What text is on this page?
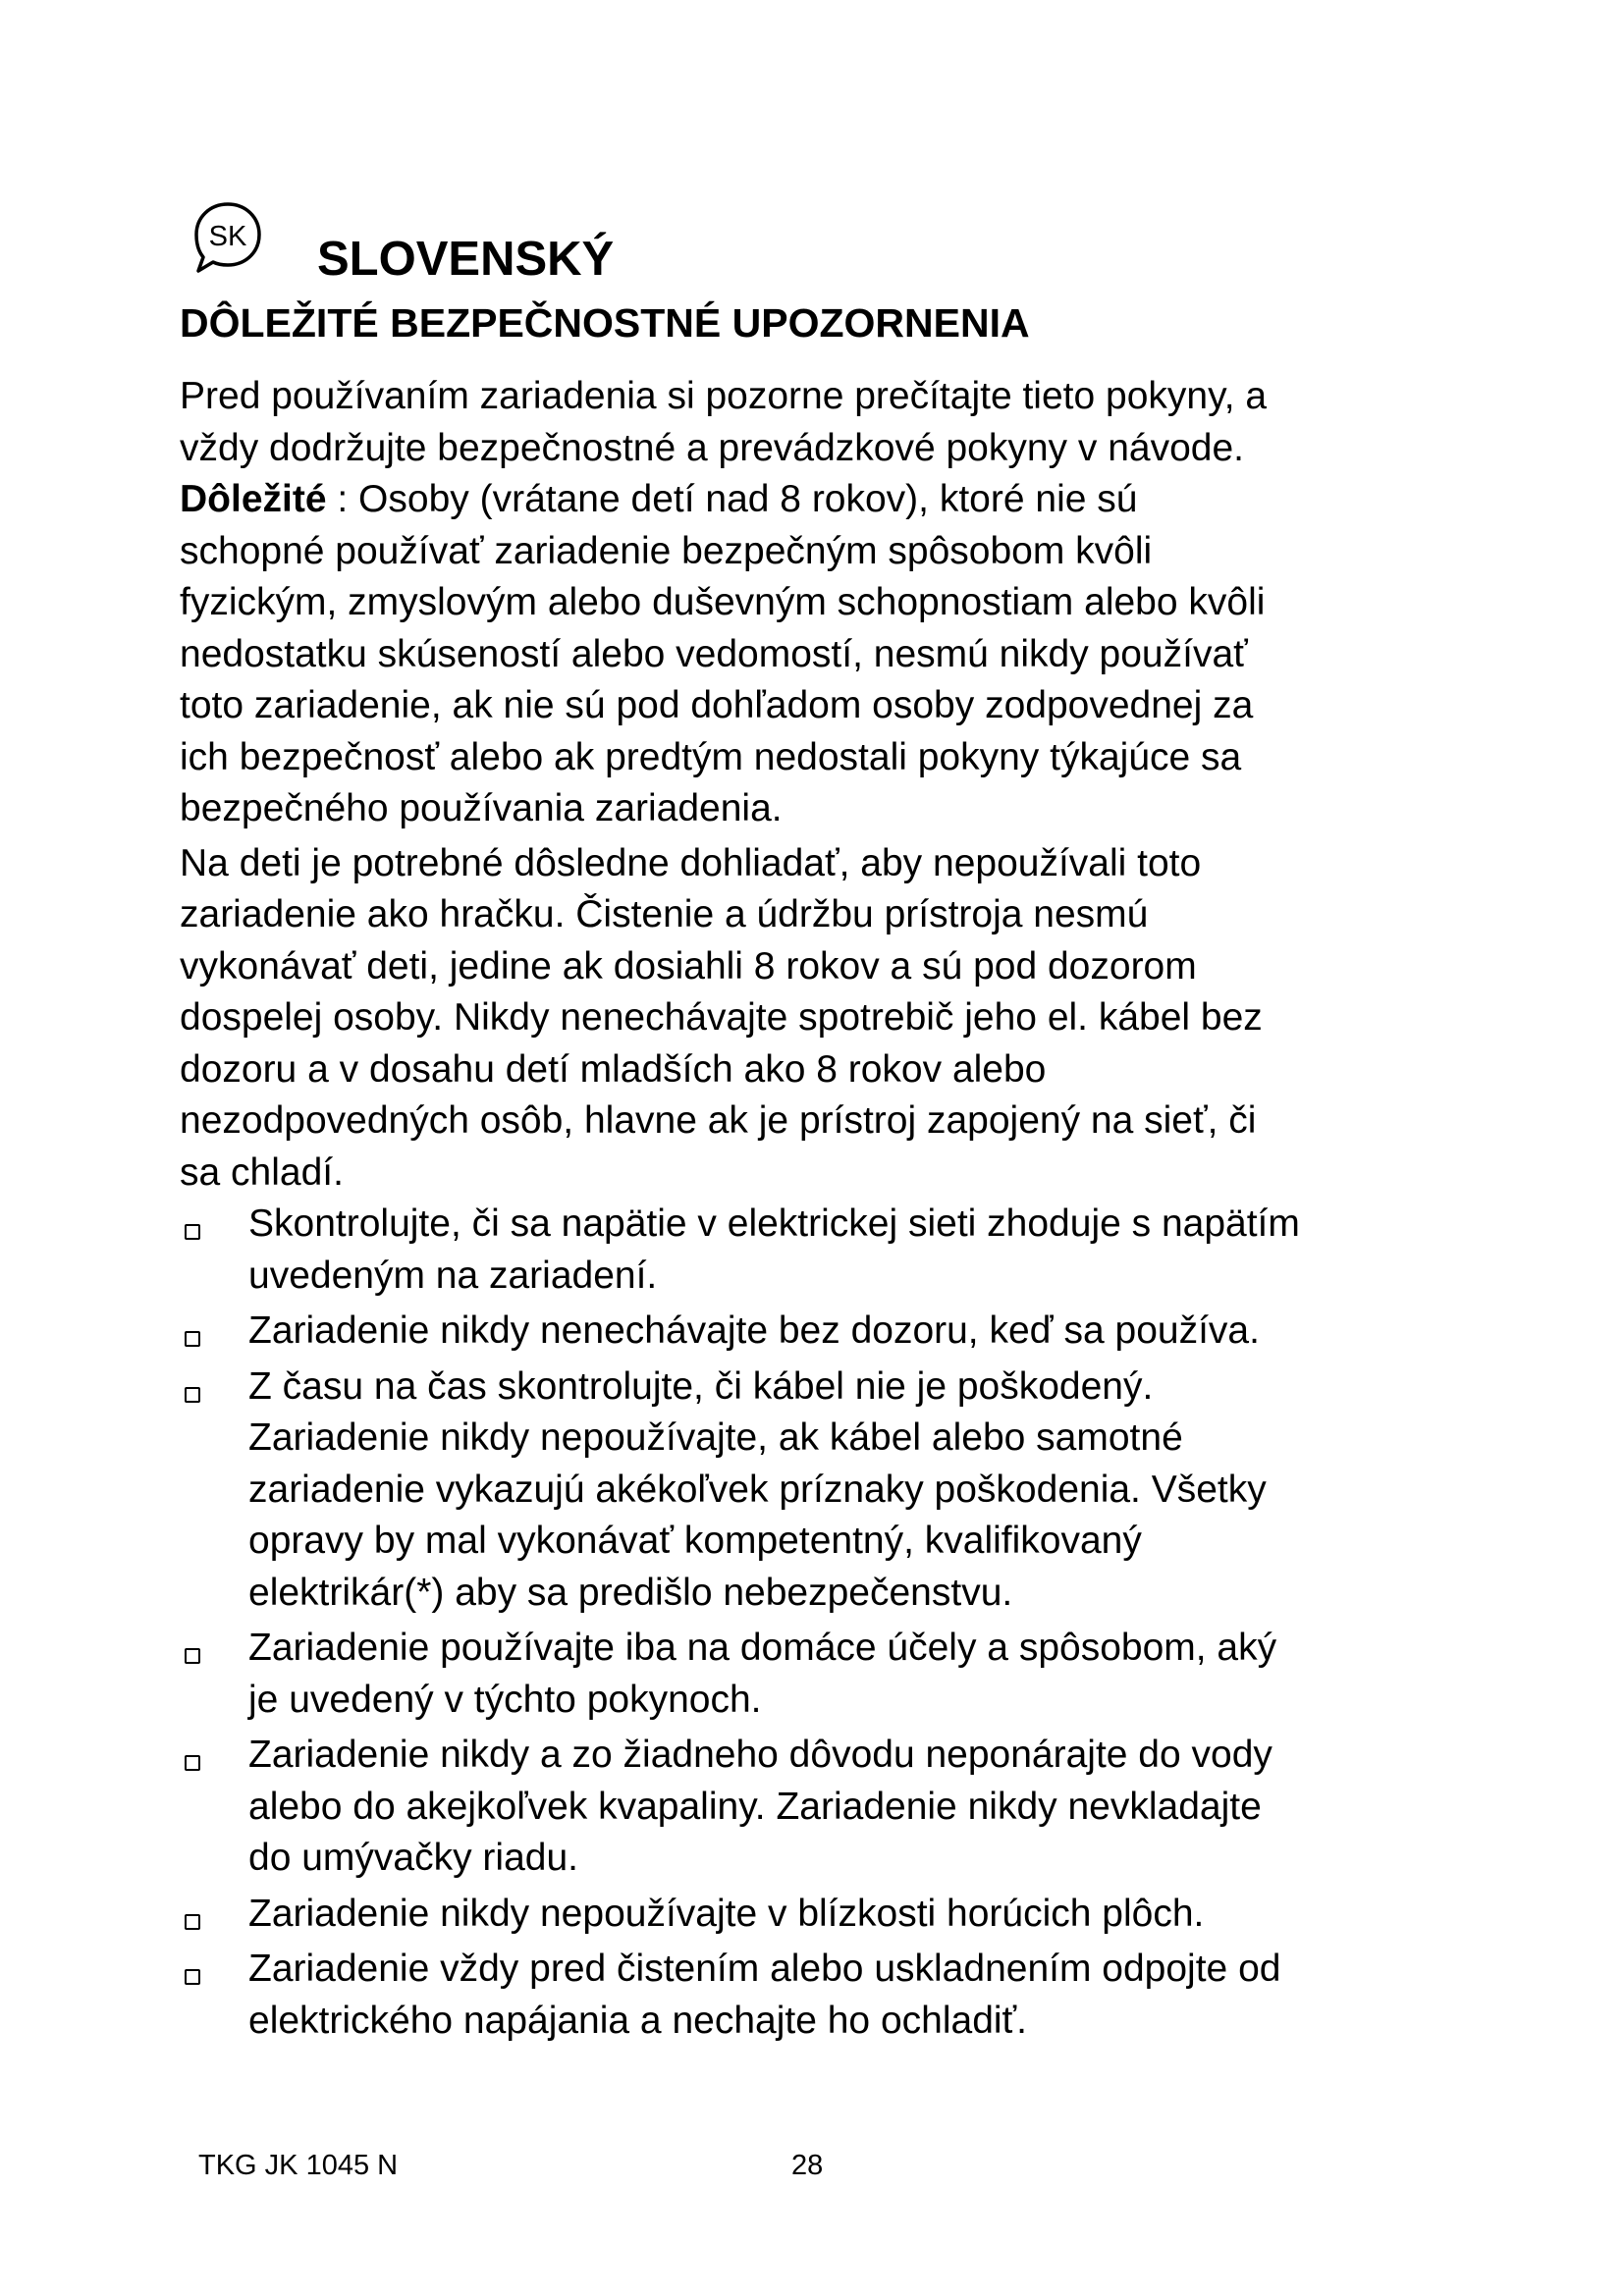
SK SLOVENSKÝ
DÔLEŽITÉ BEZPEČNOSTNÉ UPOZORNENIA
Pred používaním zariadenia si pozorne prečítajte tieto pokyny, a
vždy dodržujte bezpečnostné a prevádzkové pokyny v návode.
Dôležité : Osoby (vrátane detí nad 8 rokov), ktoré nie sú
schopné používať zariadenie bezpečným spôsobom kvôli
fyzickým, zmyslovým alebo duševným schopnostiam alebo kvôli
nedostatku skúseností alebo vedomostí, nesmú nikdy používať
toto zariadenie, ak nie sú pod dohľadom osoby zodpovednej za
ich bezpečnosť alebo ak predtým nedostali pokyny týkajúce sa
bezpečného používania zariadenia.
Na deti je potrebné dôsledne dohliadať, aby nepoužívali toto
zariadenie ako hračku. Čistenie a údržbu prístroja nesmú
vykonávať deti, jedine ak dosiahli 8 rokov a sú pod dozorom
dospelej osoby. Nikdy nenechávajte spotrebič jeho el. kábel bez
dozoru a v dosahu detí mladších ako 8 rokov alebo
nezodpovedných osôb, hlavne ak je prístroj zapojený na sieť, či
sa chladí.
Skontrolujte, či sa napätie v elektrickej sieti zhoduje s napätím
uvedeným na zariadení.
Zariadenie nikdy nenechávajte bez dozoru, keď sa používa.
Z času na čas skontrolujte, či kábel nie je poškodený.
Zariadenie nikdy nepoužívajte, ak kábel alebo samotné
zariadenie vykazujú akékoľvek príznaky poškodenia. Všetky
opravy by mal vykonávať kompetentný, kvalifikovaný
elektrikár(*) aby sa predišlo nebezpečenstvu.
Zariadenie používajte iba na domáce účely a spôsobom, aký
je uvedený v týchto pokynoch.
Zariadenie nikdy a zo žiadneho dôvodu neponárajte do vody
alebo do akejkoľvek kvapaliny. Zariadenie nikdy nevkladajte
do umývačky riadu.
Zariadenie nikdy nepoužívajte v blízkosti horúcich plôch.
Zariadenie vždy pred čistením alebo uskladnením odpojte od
elektrického napájania a nechajte ho ochladiť.
TKG JK 1045 N	28
